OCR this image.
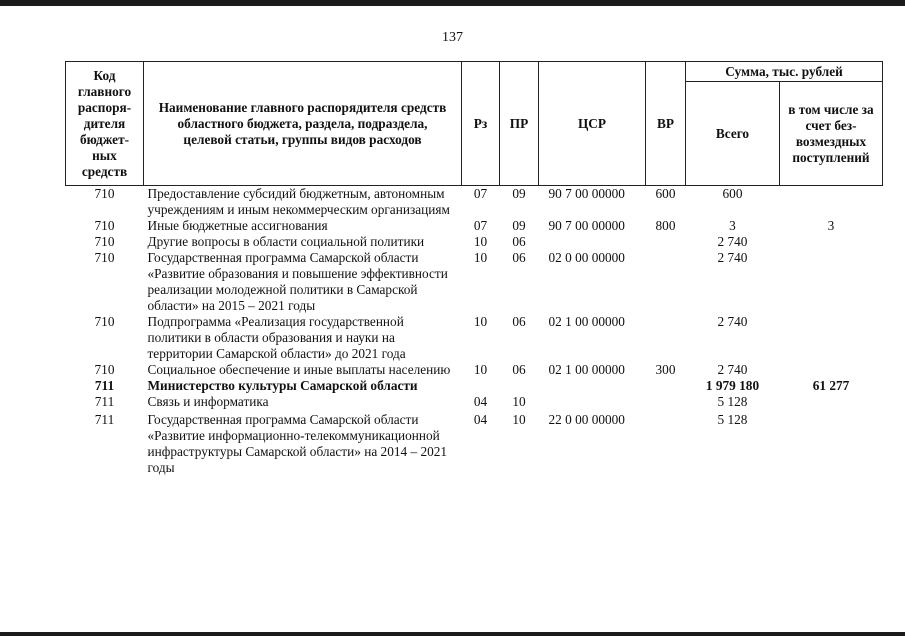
137
Код главного распоря-дителя бюджет-ных средств	Наименование главного распорядителя средств областного бюджета, раздела, подраздела, целевой статьи, группы видов расходов	Рз	ПР	ЦСР	ВР	Сумма, тыс. рублей	
						Всего	в том числе за счет без-возмездных поступлений
710	Предоставление субсидий бюджетным, автономным учреждениям и иным некоммерческим организациям	07	09	90 7 00 00000	600	600	
710	Иные бюджетные ассигнования	07	09	90 7 00 00000	800	3	3
710	Другие вопросы в области социальной политики	10	06			2 740	
710	Государственная программа Самарской области «Развитие образования и повышение эффективности реализации молодежной политики в Самарской области» на 2015 – 2021 годы	10	06	02 0 00 00000		2 740	
710	Подпрограмма «Реализация государственной политики в области образования и науки на территории Самарской области» до 2021 года	10	06	02 1 00 00000		2 740	
710	Социальное обеспечение и иные выплаты населению	10	06	02 1 00 00000	300	2 740	
711	Министерство культуры Самарской области					1 979 180	61 277
711	Связь и информатика	04	10			5 128	
711	Государственная программа Самарской области «Развитие информационно-телекоммуникационной инфраструктуры Самарской области» на 2014 – 2021 годы	04	10	22 0 00 00000		5 128	
